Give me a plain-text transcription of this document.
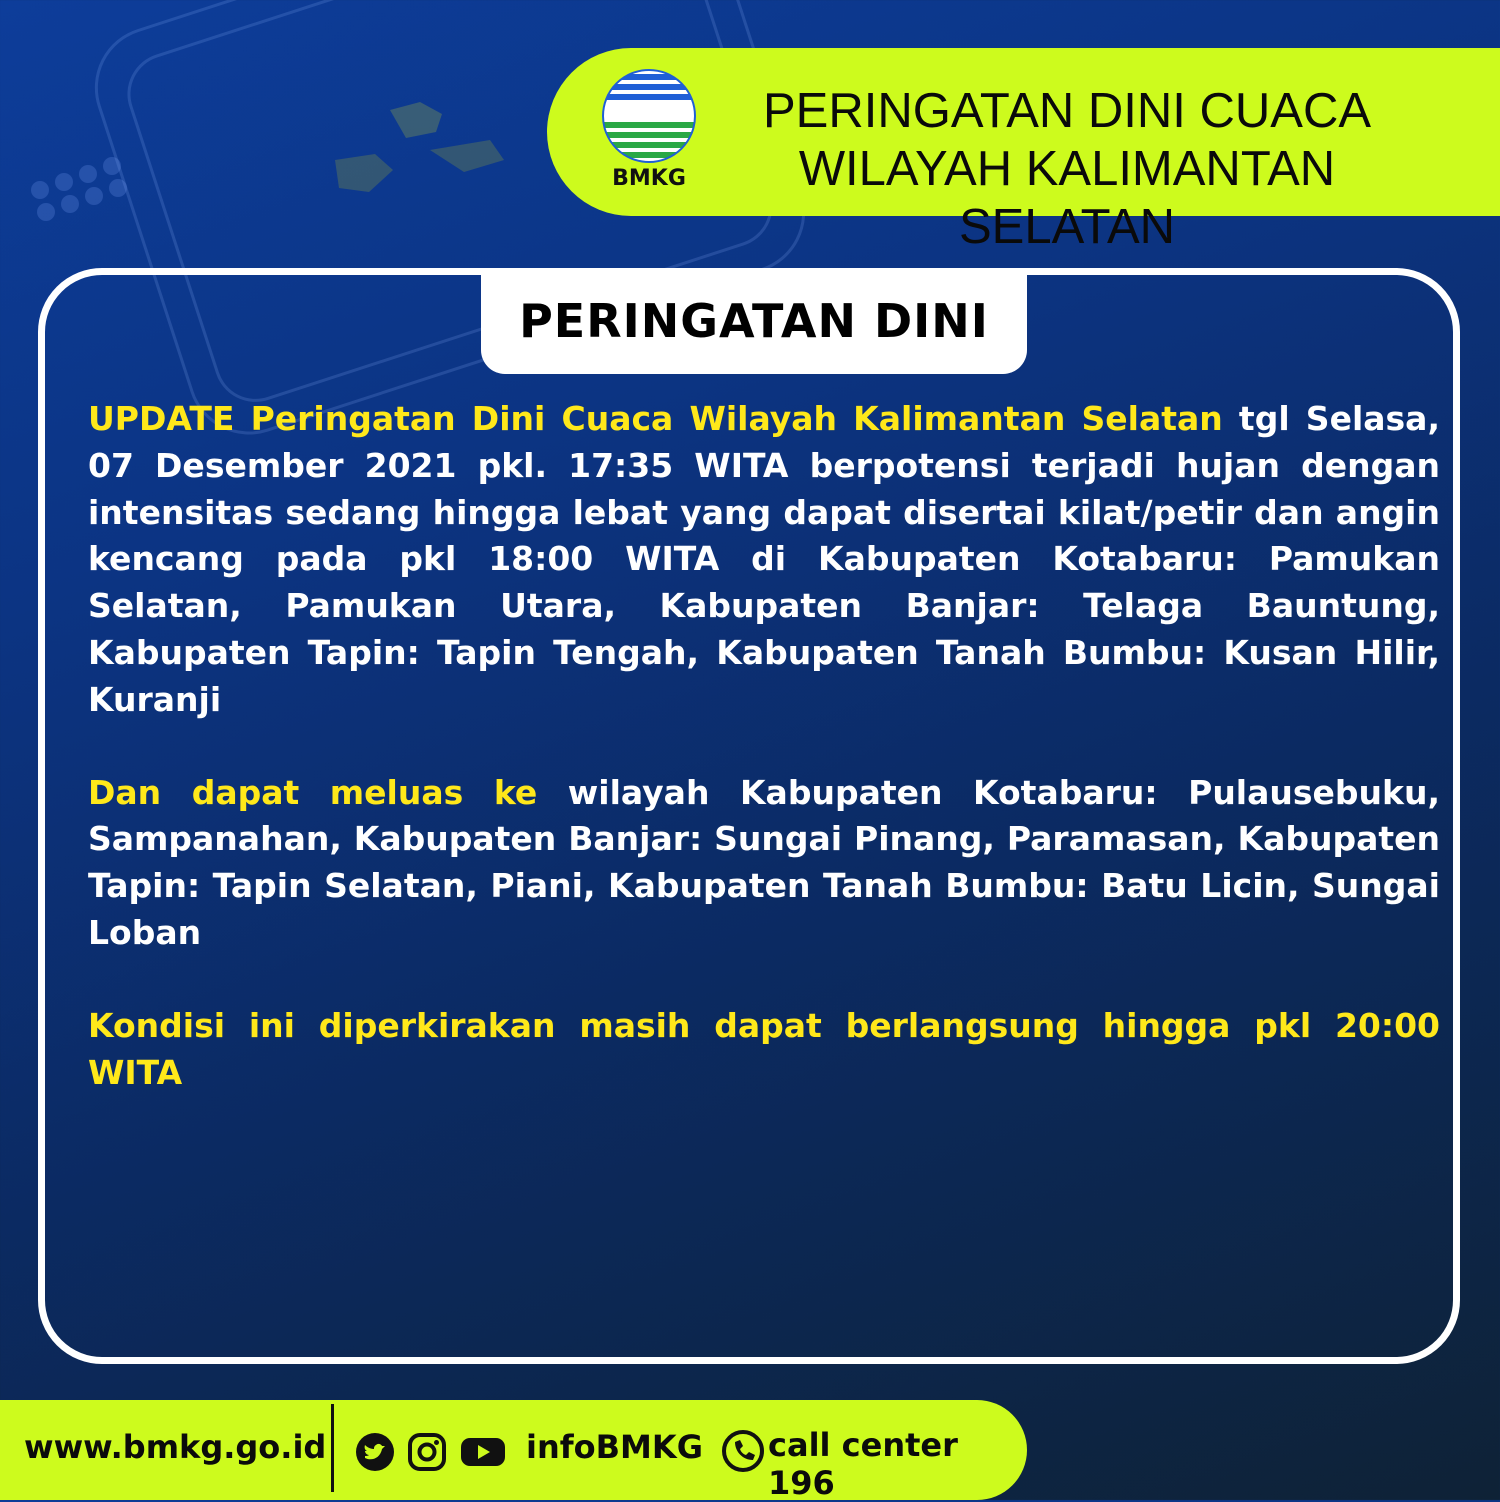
BMKG
PERINGATAN DINI CUACA
WILAYAH KALIMANTAN SELATAN
PERINGATAN DINI

UPDATE Peringatan Dini Cuaca Wilayah Kalimantan Selatan tgl Selasa, 07 Desember 2021 pkl. 17:35 WITA berpotensi terjadi hujan dengan intensitas sedang hingga lebat yang dapat disertai kilat/petir dan angin kencang pada pkl 18:00 WITA di Kabupaten Kotabaru: Pamukan Selatan, Pamukan Utara, Kabupaten Banjar: Telaga Bauntung, Kabupaten Tapin: Tapin Tengah, Kabupaten Tanah Bumbu: Kusan Hilir, Kuranji

Dan dapat meluas ke wilayah Kabupaten Kotabaru: Pulausebuku, Sampanahan, Kabupaten Banjar: Sungai Pinang, Paramasan, Kabupaten Tapin: Tapin Selatan, Piani, Kabupaten Tanah Bumbu: Batu Licin, Sungai Loban

Kondisi ini diperkirakan masih dapat berlangsung hingga pkl 20:00 WITA

www.bmkg.go.id	infoBMKG call center 196
